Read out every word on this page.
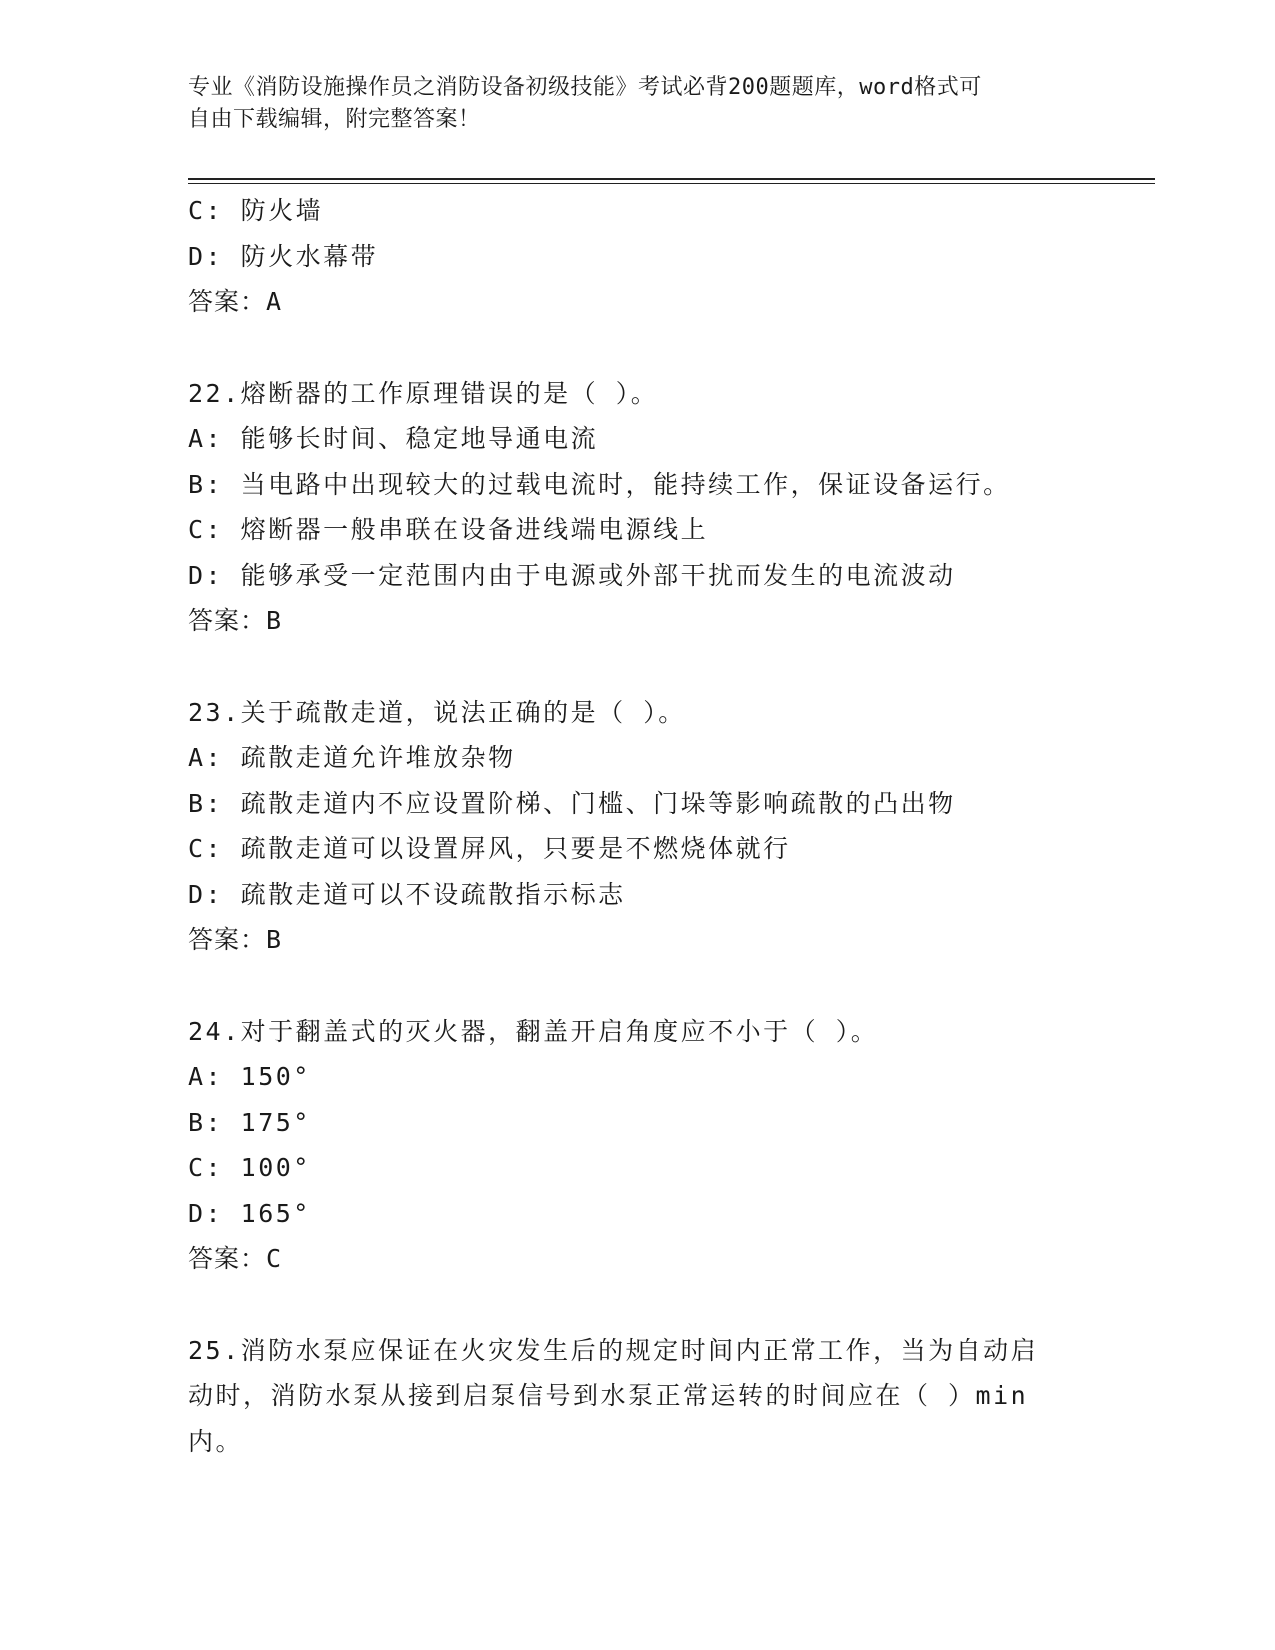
专业《消防设施操作员之消防设备初级技能》考试必背200题题库，word格式可
自由下载编辑，附完整答案！
C: 防火墙
D: 防火水幕带
答案：A
22.熔断器的工作原理错误的是（ ）。
A: 能够长时间、稳定地导通电流
B: 当电路中出现较大的过载电流时，能持续工作，保证设备运行。
C: 熔断器一般串联在设备进线端电源线上
D: 能够承受一定范围内由于电源或外部干扰而发生的电流波动
答案：B
23.关于疏散走道，说法正确的是（ ）。
A: 疏散走道允许堆放杂物
B: 疏散走道内不应设置阶梯、门槛、门垛等影响疏散的凸出物
C: 疏散走道可以设置屏风，只要是不燃烧体就行
D: 疏散走道可以不设疏散指示标志
答案：B
24.对于翻盖式的灭火器，翻盖开启角度应不小于（ ）。
A: 150°
B: 175°
C: 100°
D: 165°
答案：C
25.消防水泵应保证在火灾发生后的规定时间内正常工作，当为自动启
动时，消防水泵从接到启泵信号到水泵正常运转的时间应在（ ）min
内。
